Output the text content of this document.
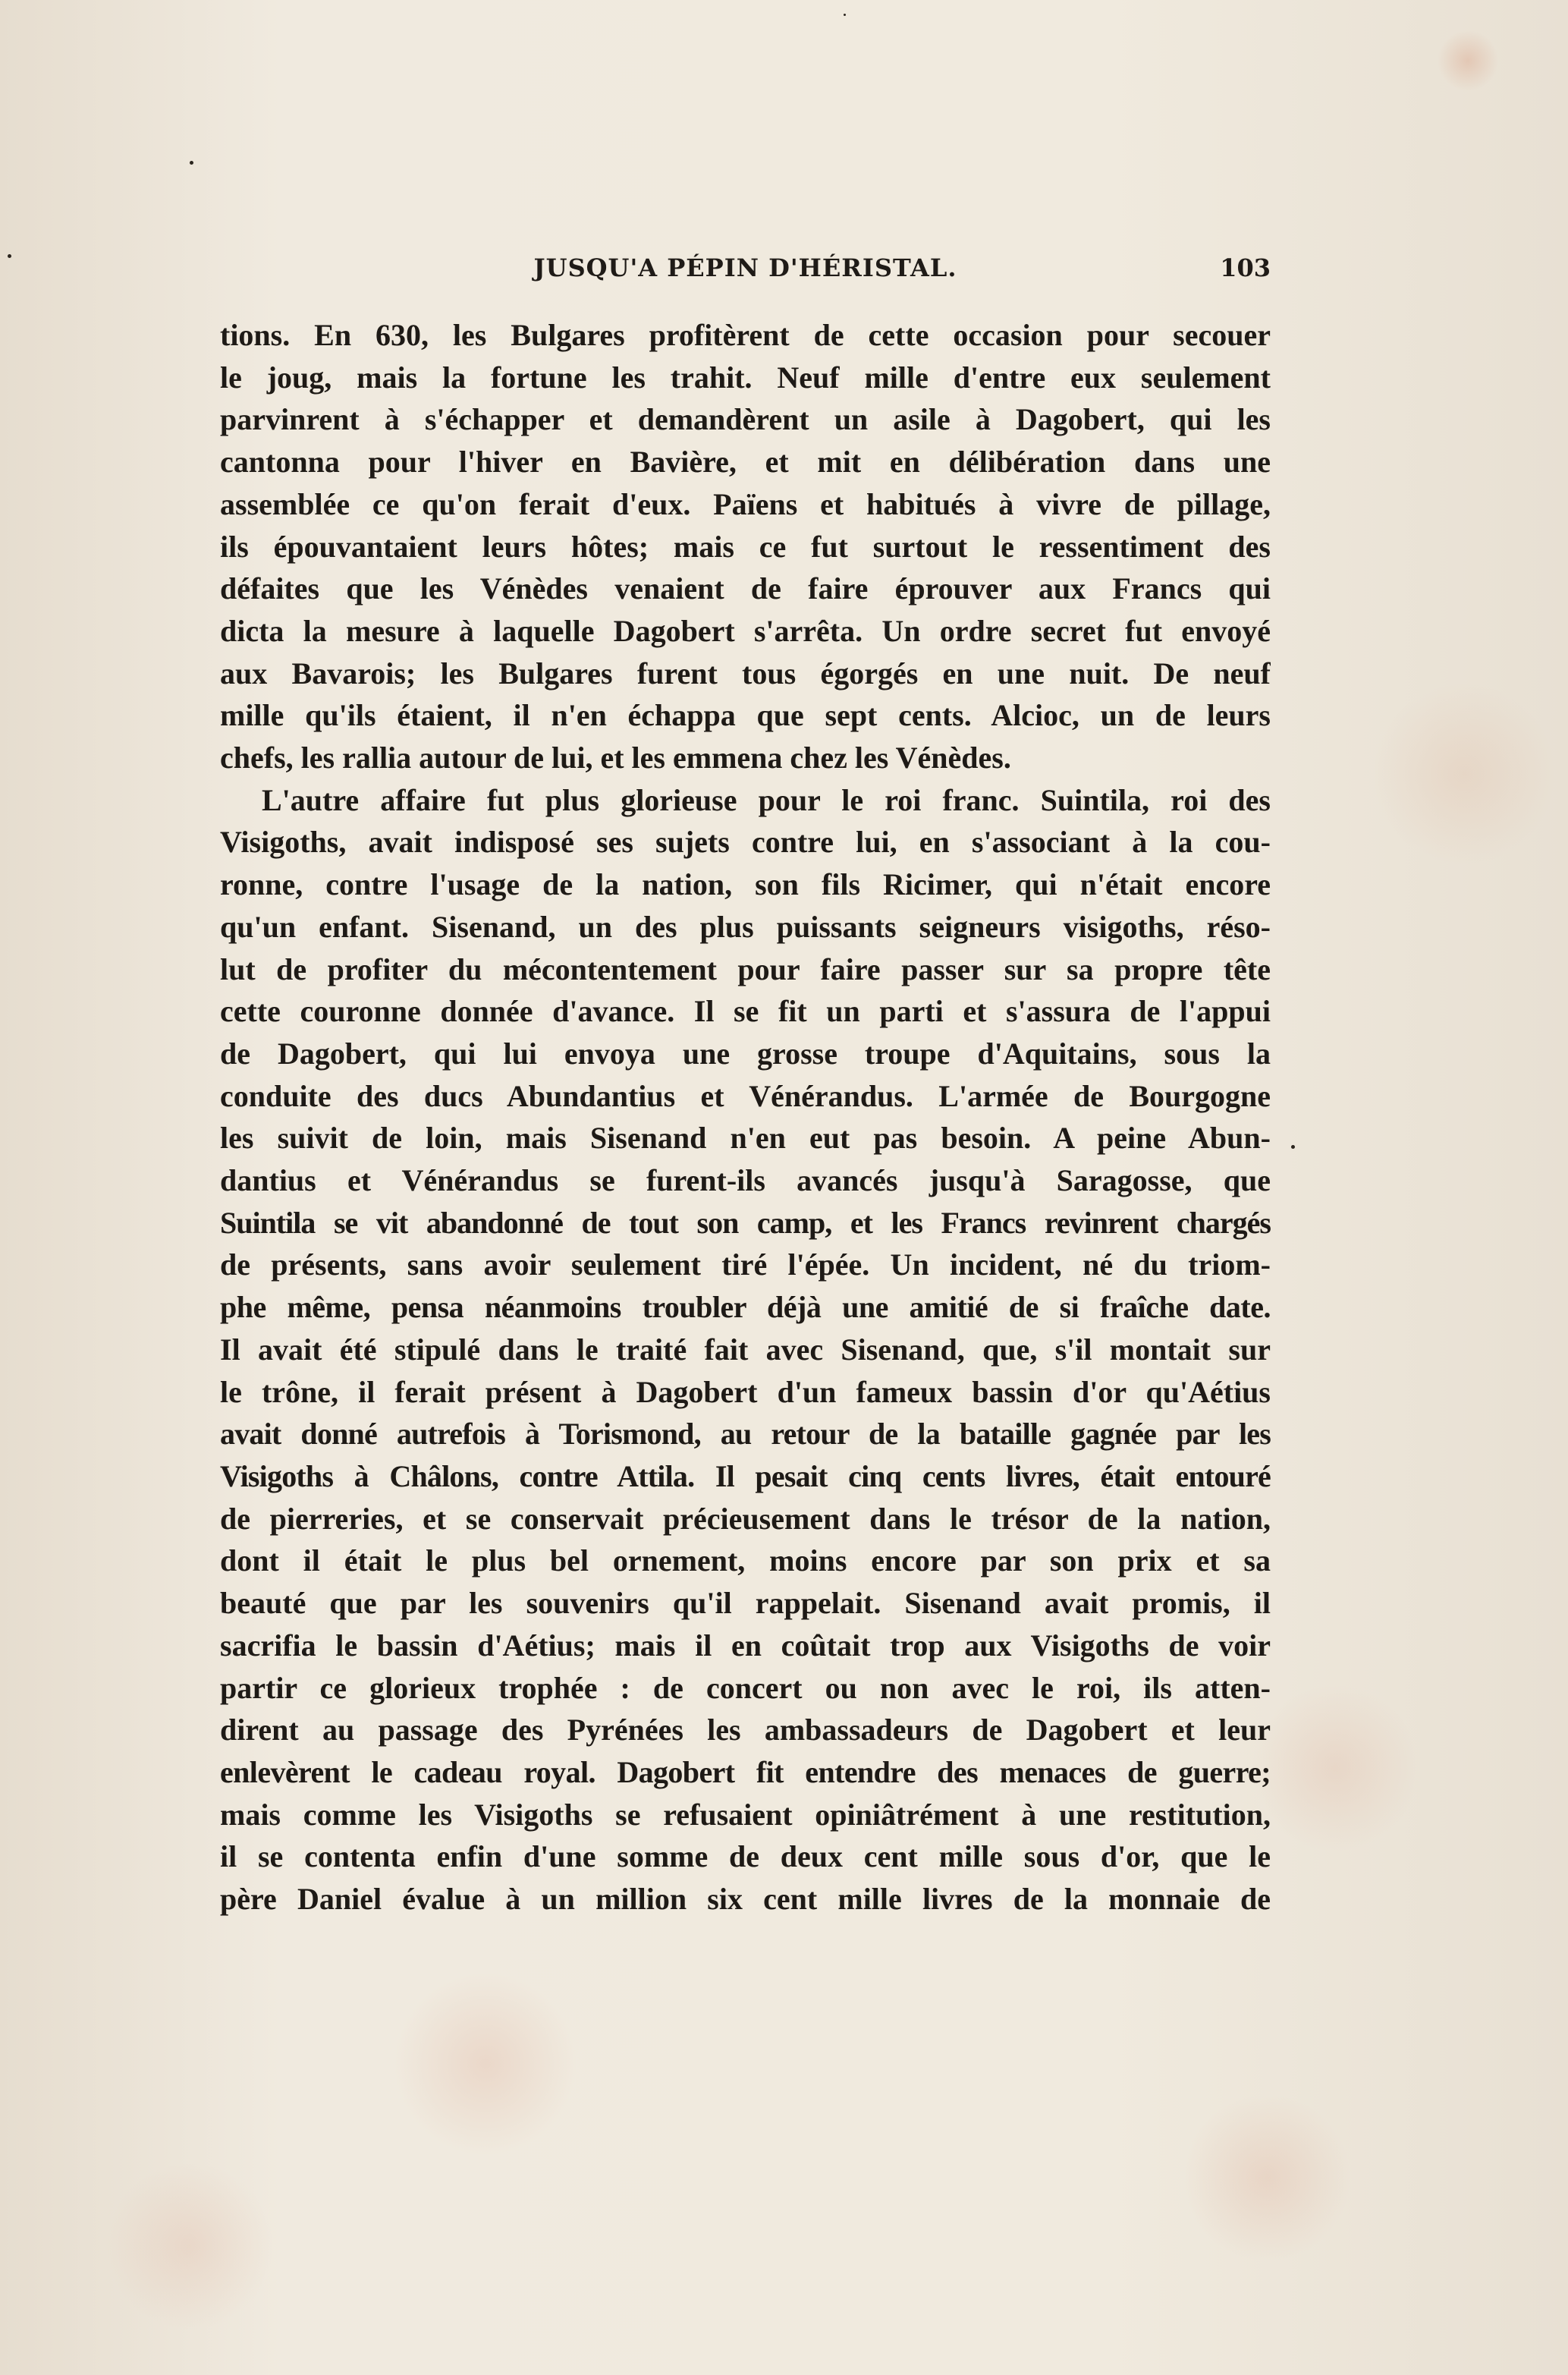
JUSQU'A PÉPIN D'HÉRISTAL.	103
tions. En 630, les Bulgares profitèrent de cette occasion pour secouer
le joug, mais la fortune les trahit. Neuf mille d'entre eux seulement
parvinrent à s'échapper et demandèrent un asile à Dagobert, qui les
cantonna pour l'hiver en Bavière, et mit en délibération dans une
assemblée ce qu'on ferait d'eux. Païens et habitués à vivre de pillage,
ils épouvantaient leurs hôtes; mais ce fut surtout le ressentiment des
défaites que les Vénèdes venaient de faire éprouver aux Francs qui
dicta la mesure à laquelle Dagobert s'arrêta. Un ordre secret fut envoyé
aux Bavarois; les Bulgares furent tous égorgés en une nuit. De neuf
mille qu'ils étaient, il n'en échappa que sept cents. Alcioc, un de leurs
chefs, les rallia autour de lui, et les emmena chez les Vénèdes.
L'autre affaire fut plus glorieuse pour le roi franc. Suintila, roi des
Visigoths, avait indisposé ses sujets contre lui, en s'associant à la cou-
ronne, contre l'usage de la nation, son fils Ricimer, qui n'était encore
qu'un enfant. Sisenand, un des plus puissants seigneurs visigoths, réso-
lut de profiter du mécontentement pour faire passer sur sa propre tête
cette couronne donnée d'avance. Il se fit un parti et s'assura de l'appui
de Dagobert, qui lui envoya une grosse troupe d'Aquitains, sous la
conduite des ducs Abundantius et Vénérandus. L'armée de Bourgogne
les suivit de loin, mais Sisenand n'en eut pas besoin. A peine Abun-
dantius et Vénérandus se furent-ils avancés jusqu'à Saragosse, que
Suintila se vit abandonné de tout son camp, et les Francs revinrent chargés
de présents, sans avoir seulement tiré l'épée. Un incident, né du triom-
phe même, pensa néanmoins troubler déjà une amitié de si fraîche date.
Il avait été stipulé dans le traité fait avec Sisenand, que, s'il montait sur
le trône, il ferait présent à Dagobert d'un fameux bassin d'or qu'Aétius
avait donné autrefois à Torismond, au retour de la bataille gagnée par les
Visigoths à Châlons, contre Attila. Il pesait cinq cents livres, était entouré
de pierreries, et se conservait précieusement dans le trésor de la nation,
dont il était le plus bel ornement, moins encore par son prix et sa
beauté que par les souvenirs qu'il rappelait. Sisenand avait promis, il
sacrifia le bassin d'Aétius; mais il en coûtait trop aux Visigoths de voir
partir ce glorieux trophée : de concert ou non avec le roi, ils atten-
dirent au passage des Pyrénées les ambassadeurs de Dagobert et leur
enlevèrent le cadeau royal. Dagobert fit entendre des menaces de guerre;
mais comme les Visigoths se refusaient opiniâtrément à une restitution,
il se contenta enfin d'une somme de deux cent mille sous d'or, que le
père Daniel évalue à un million six cent mille livres de la monnaie de
